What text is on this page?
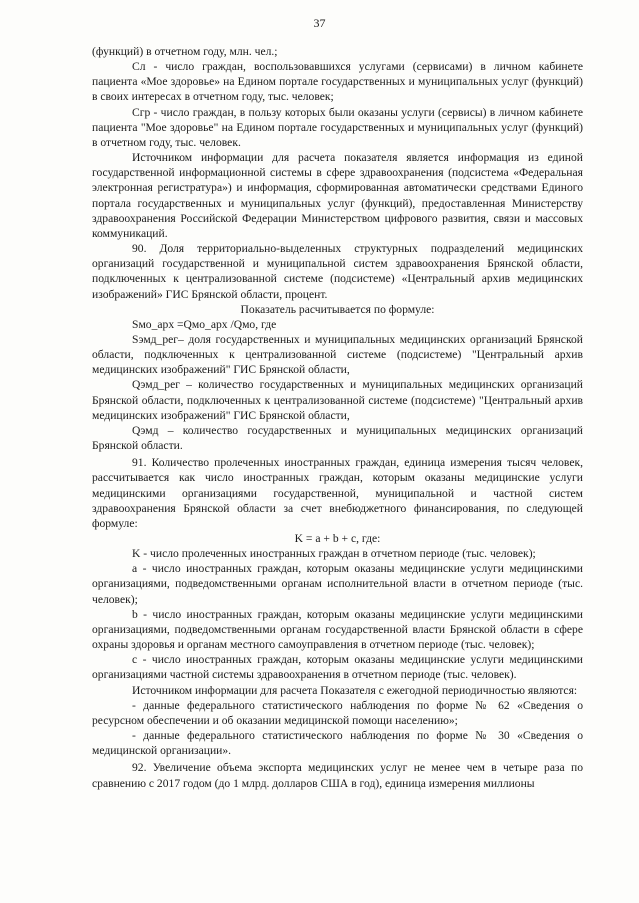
37

(функций) в отчетном году, млн. чел.;

Сл - число граждан, воспользовавшихся услугами (сервисами) в личном кабинете пациента «Мое здоровье» на Едином портале государственных и муниципальных услуг (функций) в своих интересах в отчетном году, тыс. человек;

Сгр - число граждан, в пользу которых были оказаны услуги (сервисы) в личном кабинете пациента "Мое здоровье" на Едином портале государственных и муниципальных услуг (функций) в отчетном году, тыс. человек.

Источником информации для расчета показателя является информация из единой государственной информационной системы в сфере здравоохранения (подсистема «Федеральная электронная регистратура») и информация, сформированная автоматически средствами Единого портала государственных и муниципальных услуг (функций), предоставленная Министерству здравоохранения Российской Федерации Министерством цифрового развития, связи и массовых коммуникаций.

90. Доля территориально-выделенных структурных подразделений медицинских организаций государственной и муниципальной систем здравоохранения Брянской области, подключенных к централизованной системе (подсистеме) «Центральный архив медицинских изображений» ГИС Брянской области, процент.

Показатель расчитывается по формуле:

Sмо_арх =Qмо_арх /Qмо, где

Sэмд_рег– доля государственных и муниципальных медицинских организаций Брянской области, подключенных к централизованной системе (подсистеме) "Центральный архив медицинских изображений" ГИС Брянской области,

Qэмд_рег – количество государственных и муниципальных медицинских организаций Брянской области, подключенных к централизованной системе (подсистеме) "Центральный архив медицинских изображений" ГИС Брянской области,

Qэмд – количество государственных и муниципальных медицинских организаций Брянской области.

91. Количество пролеченных иностранных граждан, единица измерения тысяч человек, рассчитывается как число иностранных граждан, которым оказаны медицинские услуги медицинскими организациями государственной, муниципальной и частной систем здравоохранения Брянской области за счет внебюджетного финансирования, по следующей формуле:

K = a + b + c, где:

K - число пролеченных иностранных граждан в отчетном периоде (тыс. человек);

a - число иностранных граждан, которым оказаны медицинские услуги медицинскими организациями, подведомственными органам исполнительной власти в отчетном периоде (тыс. человек);

b - число иностранных граждан, которым оказаны медицинские услуги медицинскими организациями, подведомственными органам государственной власти Брянской области в сфере охраны здоровья и органам местного самоуправления в отчетном периоде (тыс. человек);

c - число иностранных граждан, которым оказаны медицинские услуги медицинскими организациями частной системы здравоохранения в отчетном периоде (тыс. человек).

Источником информации для расчета Показателя с ежегодной периодичностью являются:

- данные федерального статистического наблюдения по форме № 62 «Сведения о ресурсном обеспечении и об оказании медицинской помощи населению»;

- данные федерального статистического наблюдения по форме № 30 «Сведения о медицинской организации».

92. Увеличение объема экспорта медицинских услуг не менее чем в четыре раза по сравнению с 2017 годом (до 1 млрд. долларов США в год), единица измерения миллионы
